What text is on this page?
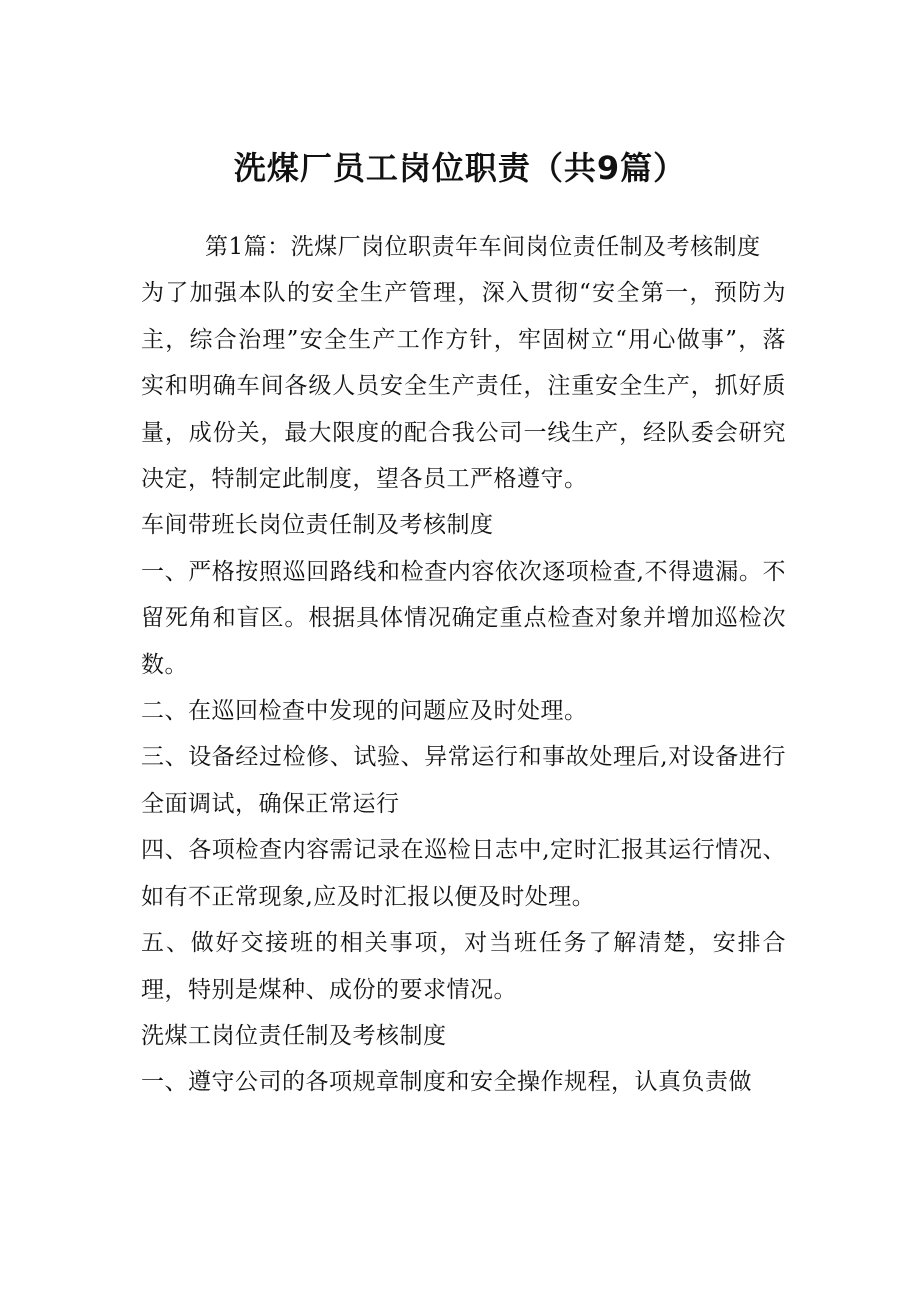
洗煤厂员工岗位职责（共9篇）

第1篇：洗煤厂岗位职责年车间岗位责任制及考核制度

为了加强本队的安全生产管理，深入贯彻“安全第一，预防为主，综合治理”安全生产工作方针，牢固树立“用心做事”，落实和明确车间各级人员安全生产责任，注重安全生产，抓好质量，成份关，最大限度的配合我公司一线生产，经队委会研究决定，特制定此制度，望各员工严格遵守。

车间带班长岗位责任制及考核制度

一、严格按照巡回路线和检查内容依次逐项检查,不得遗漏。不留死角和盲区。根据具体情况确定重点检查对象并增加巡检次数。

二、在巡回检查中发现的问题应及时处理。

三、设备经过检修、试验、异常运行和事故处理后,对设备进行全面调试，确保正常运行

四、各项检查内容需记录在巡检日志中,定时汇报其运行情况、如有不正常现象,应及时汇报以便及时处理。

五、做好交接班的相关事项，对当班任务了解清楚，安排合理，特别是煤种、成份的要求情况。

洗煤工岗位责任制及考核制度

一、遵守公司的各项规章制度和安全操作规程，认真负责做
